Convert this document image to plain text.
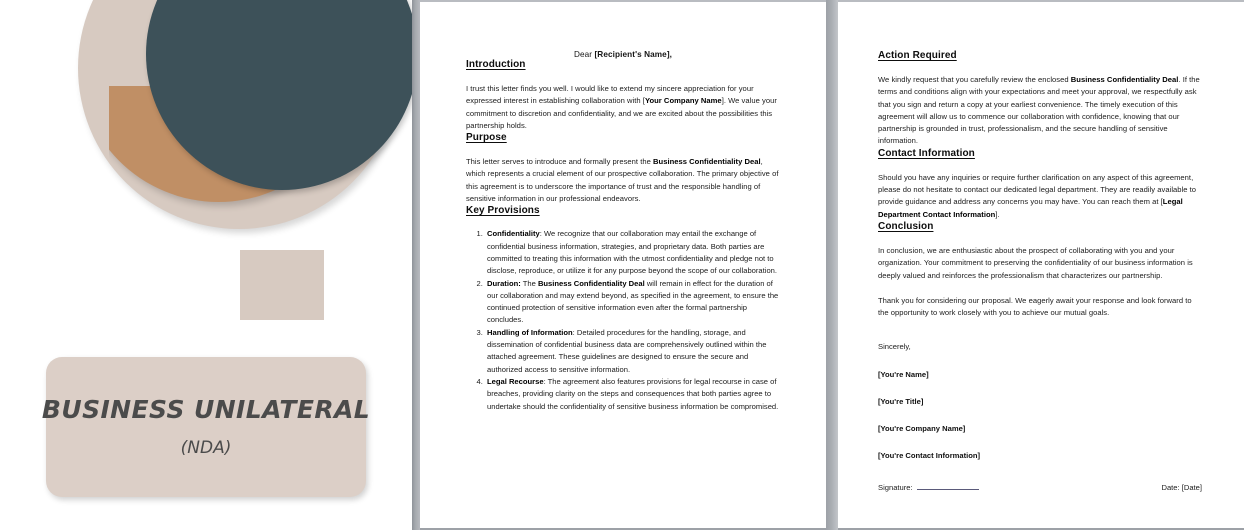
BUSINESS UNILATERAL
(NDA)
Dear [Recipient's Name],
Introduction

I trust this letter finds you well. I would like to extend my sincere appreciation for your expressed interest in establishing collaboration with [Your Company Name]. We value your commitment to discretion and confidentiality, and we are excited about the possibilities this partnership holds.

Purpose

This letter serves to introduce and formally present the Business Confidentiality Deal, which represents a crucial element of our prospective collaboration. The primary objective of this agreement is to underscore the importance of trust and the responsible handling of sensitive information in our professional endeavors.

Key Provisions
1. Confidentiality: We recognize that our collaboration may entail the exchange of confidential business information, strategies, and proprietary data. Both parties are committed to treating this information with the utmost confidentiality and pledge not to disclose, reproduce, or utilize it for any purpose beyond the scope of our collaboration.
2. Duration: The Business Confidentiality Deal will remain in effect for the duration of our collaboration and may extend beyond, as specified in the agreement, to ensure the continued protection of sensitive information even after the formal partnership concludes.
3. Handling of Information: Detailed procedures for the handling, storage, and dissemination of confidential business data are comprehensively outlined within the attached agreement. These guidelines are designed to ensure the secure and authorized access to sensitive information.
4. Legal Recourse: The agreement also features provisions for legal recourse in case of breaches, providing clarity on the steps and consequences that both parties agree to undertake should the confidentiality of sensitive business information be compromised.
Action Required

We kindly request that you carefully review the enclosed Business Confidentiality Deal. If the terms and conditions align with your expectations and meet your approval, we respectfully ask that you sign and return a copy at your earliest convenience. The timely execution of this agreement will allow us to commence our collaboration with confidence, knowing that our partnership is grounded in trust, professionalism, and the secure handling of sensitive information.

Contact Information

Should you have any inquiries or require further clarification on any aspect of this agreement, please do not hesitate to contact our dedicated legal department. They are readily available to provide guidance and address any concerns you may have. You can reach them at [Legal Department Contact Information].

Conclusion

In conclusion, we are enthusiastic about the prospect of collaborating with you and your organization. Your commitment to preserving the confidentiality of our business information is deeply valued and reinforces the professionalism that characterizes our partnership.

Thank you for considering our proposal. We eagerly await your response and look forward to the opportunity to work closely with you to achieve our mutual goals.

Sincerely,
[You're Name]
[You're Title]
[You're Company Name]
[You're Contact Information]
Signature:	Date: [Date]
